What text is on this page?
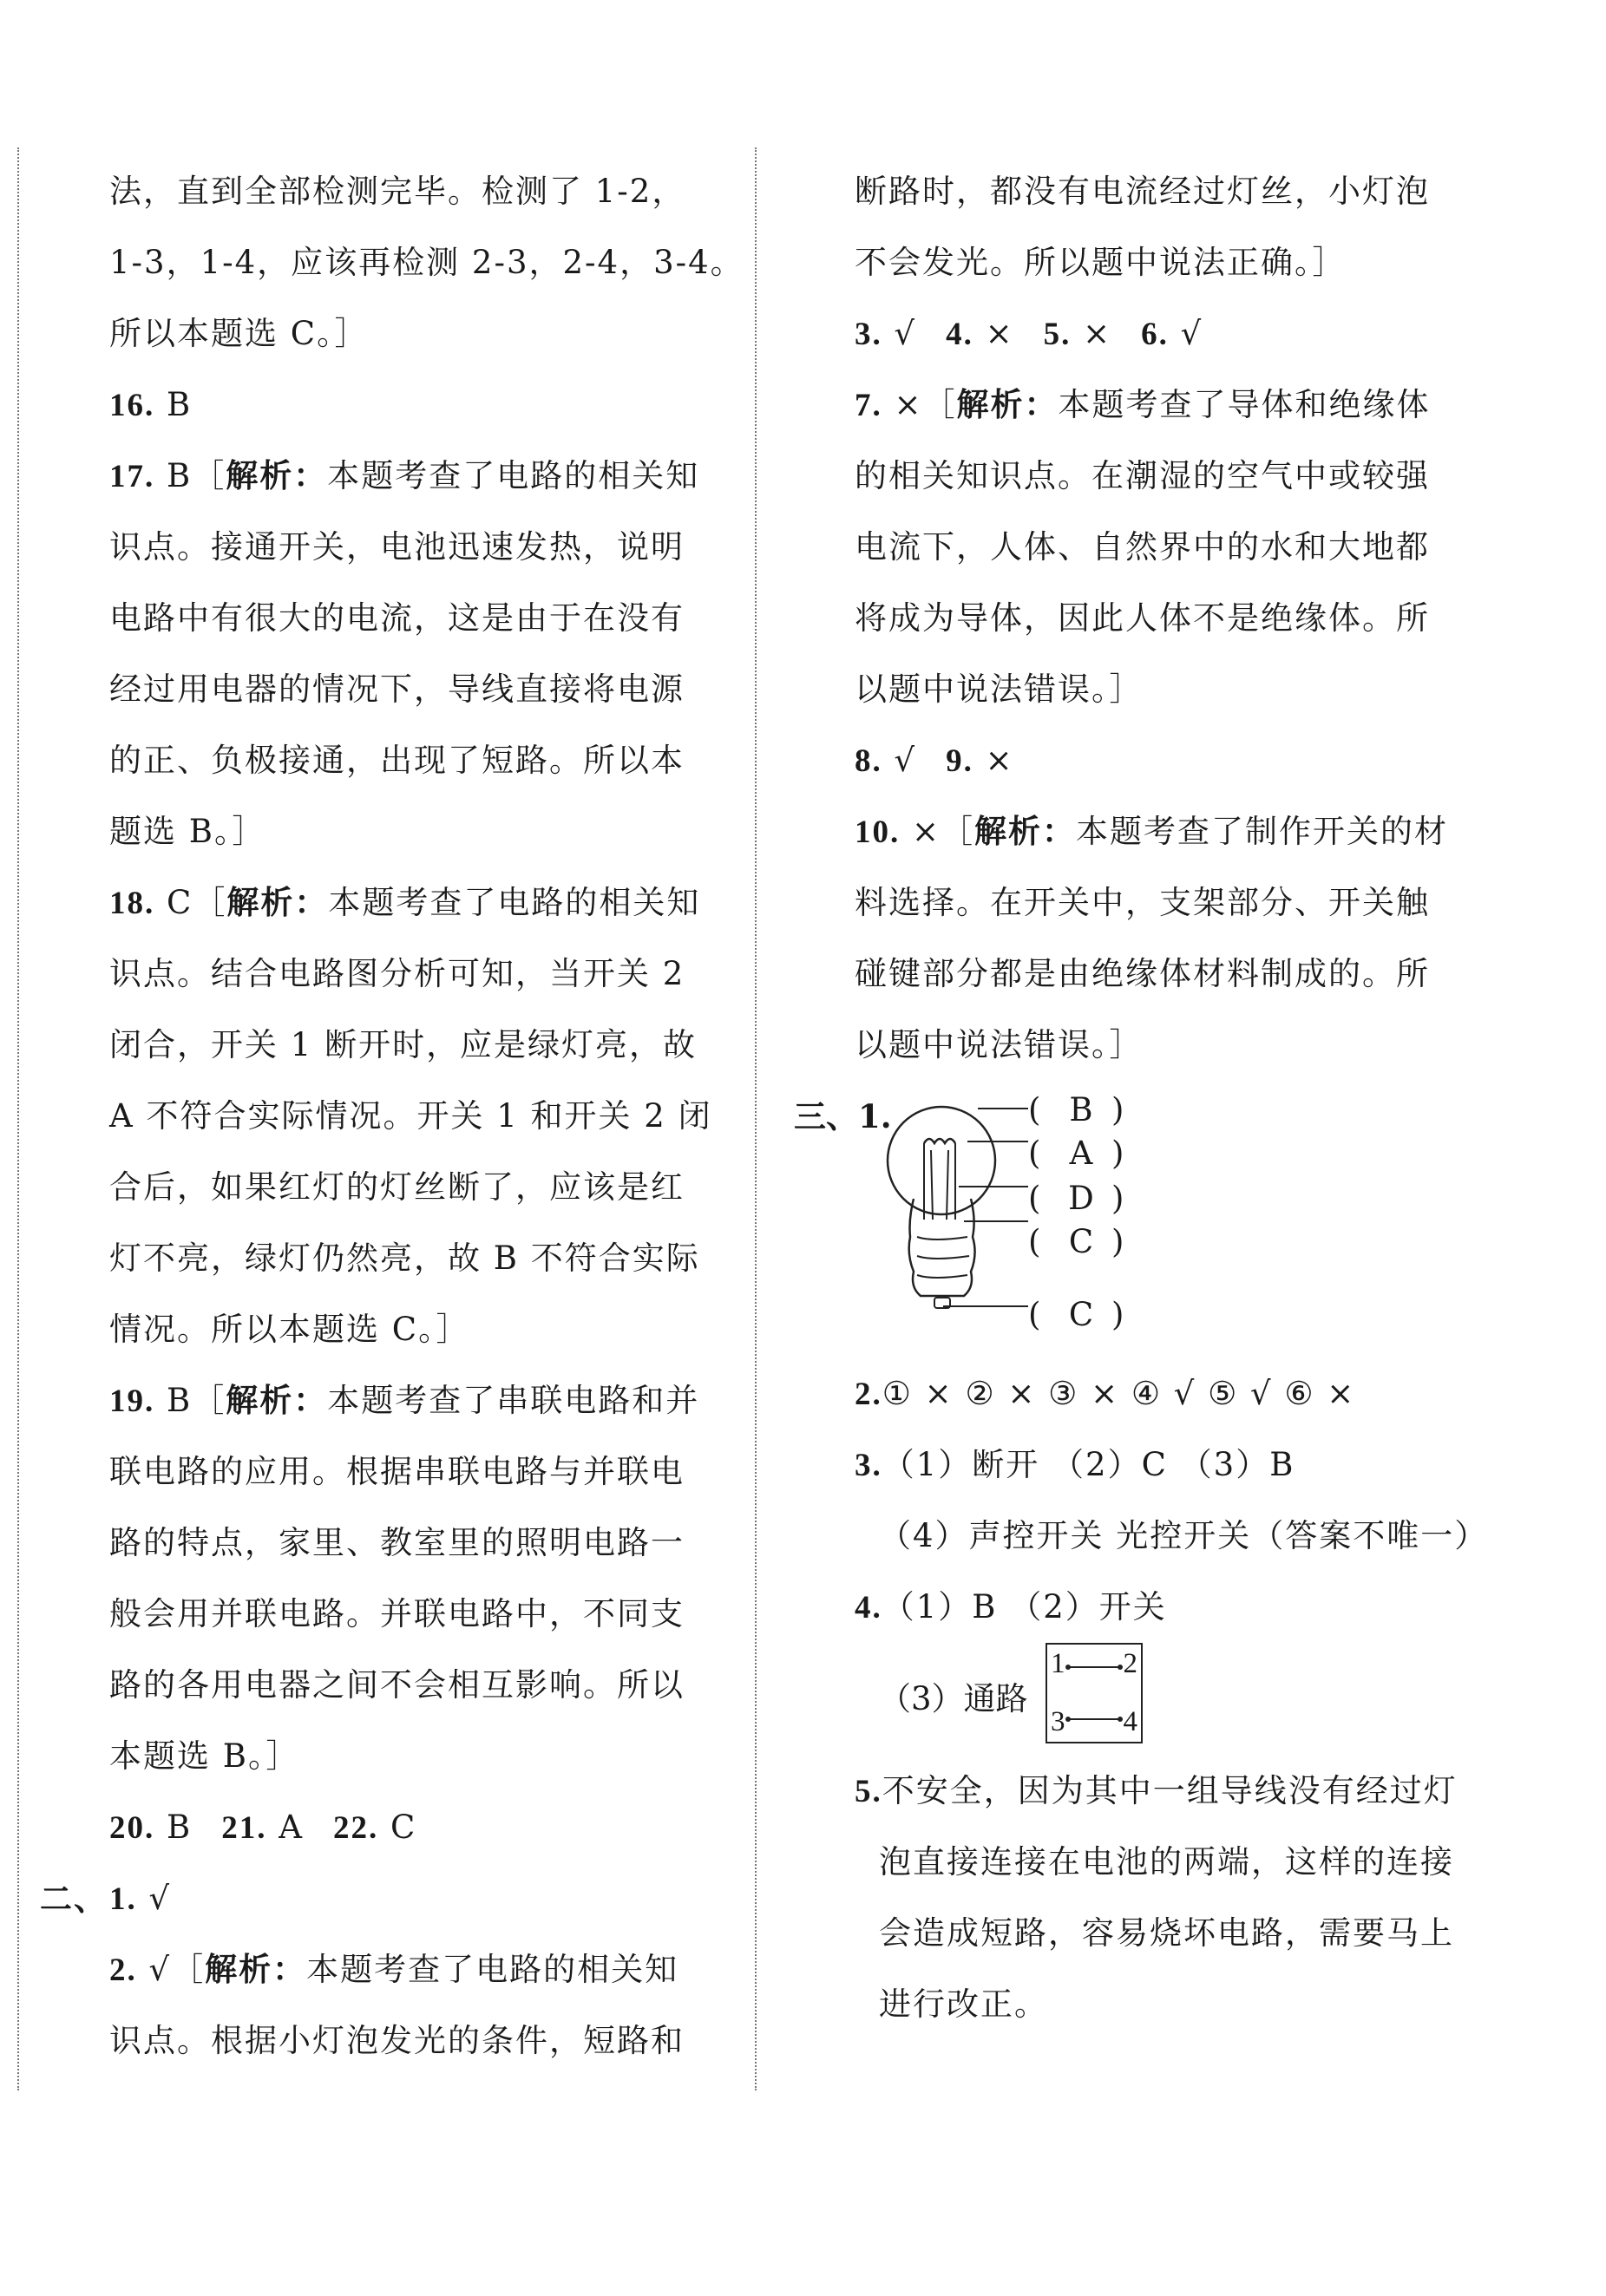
法，直到全部检测完毕。检测了 1-2，
1-3，1-4，应该再检测 2-3，2-4，3-4。
所以本题选 C。］
16. B
17. B［解析：本题考查了电路的相关知
识点。接通开关，电池迅速发热，说明
电路中有很大的电流，这是由于在没有
经过用电器的情况下，导线直接将电源
的正、负极接通，出现了短路。所以本
题选 B。］
18. C［解析：本题考查了电路的相关知
识点。结合电路图分析可知，当开关 2
闭合，开关 1 断开时，应是绿灯亮，故
A 不符合实际情况。开关 1 和开关 2 闭
合后，如果红灯的灯丝断了，应该是红
灯不亮，绿灯仍然亮，故 B 不符合实际
情况。所以本题选 C。］
19. B［解析：本题考查了串联电路和并
联电路的应用。根据串联电路与并联电
路的特点，家里、教室里的照明电路一
般会用并联电路。并联电路中，不同支
路的各用电器之间不会相互影响。所以
本题选 B。］
20. B 21. A 22. C
二、 1. √
2. √［解析：本题考查了电路的相关知
识点。根据小灯泡发光的条件，短路和
断路时，都没有电流经过灯丝，小灯泡
不会发光。所以题中说法正确。］
3. √ 4. × 5. × 6. √
7. ×［解析：本题考查了导体和绝缘体
的相关知识点。在潮湿的空气中或较强
电流下，人体、自然界中的水和大地都
将成为导体，因此人体不是绝缘体。所
以题中说法错误。］
8. √ 9. ×
10. ×［解析：本题考查了制作开关的材
料选择。在开关中，支架部分、开关触
碰键部分都是由绝缘体材料制成的。所
以题中说法错误。］
三、1.	( B )
( A )
( D )
( C )
( C )
2.① × ② × ③ × ④ √ ⑤ √ ⑥ ×
3.（1）断开 （2）C （3）B
（4）声控开关 光控开关（答案不唯一）
4.（1）B （2）开关
（3）通路
1 2
3 4
5.不安全，因为其中一组导线没有经过灯
泡直接连接在电池的两端，这样的连接
会造成短路，容易烧坏电路，需要马上
进行改正。
